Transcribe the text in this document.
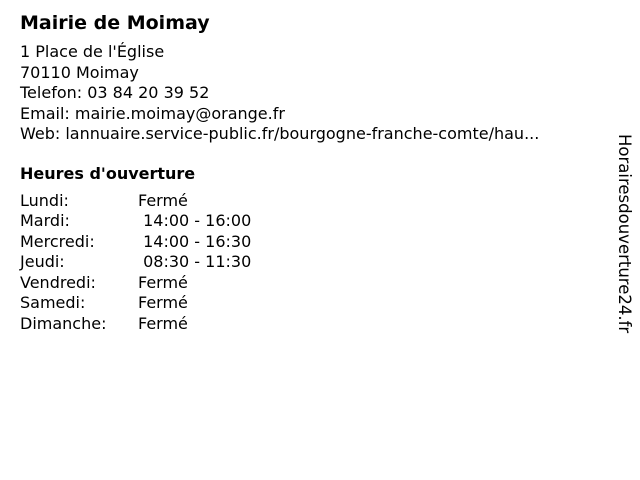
Mairie de Moimay
1 Place de l'Église
70110 Moimay
Telefon: 03 84 20 39 52
Email: mairie.moimay@orange.fr
Web: lannuaire.service-public.fr/bourgogne-franche-comte/hau...
Heures d'ouverture
Lundi:	Fermé
Mardi:	14:00 - 16:00
Mercredi:	14:00 - 16:30
Jeudi:	08:30 - 11:30
Vendredi:	Fermé
Samedi:	Fermé
Dimanche:	Fermé	Horairesdouverture24.fr
